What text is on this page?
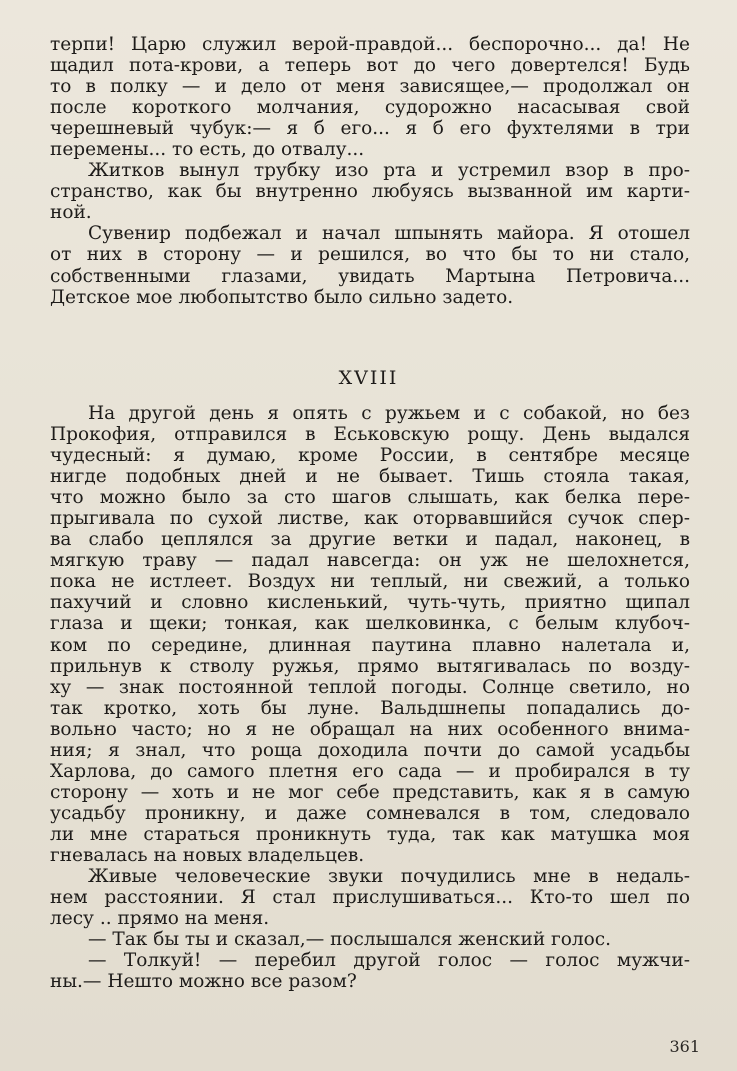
терпи! Царю служил верой-правдой... беспорочно... да! Не
щадил пота-крови, а теперь вот до чего довертелся! Будь
то в полку — и дело от меня зависящее,— продолжал он
после короткого молчания, судорожно насасывая свой
черешневый чубук:— я б его... я б его фухтелями в три
перемены... то есть, до отвалу...
Житков вынул трубку изо рта и устремил взор в про-
странство, как бы внутренно любуясь вызванной им карти-
ной.
Сувенир подбежал и начал шпынять майора. Я отошел
от них в сторону — и решился, во что бы то ни стало,
собственными глазами, увидать Мартына Петровича...
Детское мое любопытство было сильно задето.
XVIII
На другой день я опять с ружьем и с собакой, но без
Прокофия, отправился в Еськовскую рощу. День выдался
чудесный: я думаю, кроме России, в сентябре месяце
нигде подобных дней и не бывает. Тишь стояла такая,
что можно было за сто шагов слышать, как белка пере-
прыгивала по сухой листве, как оторвавшийся сучок спер-
ва слабо цеплялся за другие ветки и падал, наконец, в
мягкую траву — падал навсегда: он уж не шелохнется,
пока не истлеет. Воздух ни теплый, ни свежий, а только
пахучий и словно кисленький, чуть-чуть, приятно щипал
глаза и щеки; тонкая, как шелковинка, с белым клубоч-
ком по середине, длинная паутина плавно налетала и,
прильнув к стволу ружья, прямо вытягивалась по возду-
ху — знак постоянной теплой погоды. Солнце светило, но
так кротко, хоть бы луне. Вальдшнепы попадались до-
вольно часто; но я не обращал на них особенного внима-
ния; я знал, что роща доходила почти до самой усадьбы
Харлова, до самого плетня его сада — и пробирался в ту
сторону — хоть и не мог себе представить, как я в самую
усадьбу проникну, и даже сомневался в том, следовало
ли мне стараться проникнуть туда, так как матушка моя
гневалась на новых владельцев.
Живые человеческие звуки почудились мне в недаль-
нем расстоянии. Я стал прислушиваться... Кто-то шел по
лесу .. прямо на меня.
— Так бы ты и сказал,— послышался женский голос.
— Толкуй! — перебил другой голос — голос мужчи-
ны.— Нешто можно все разом?
361
